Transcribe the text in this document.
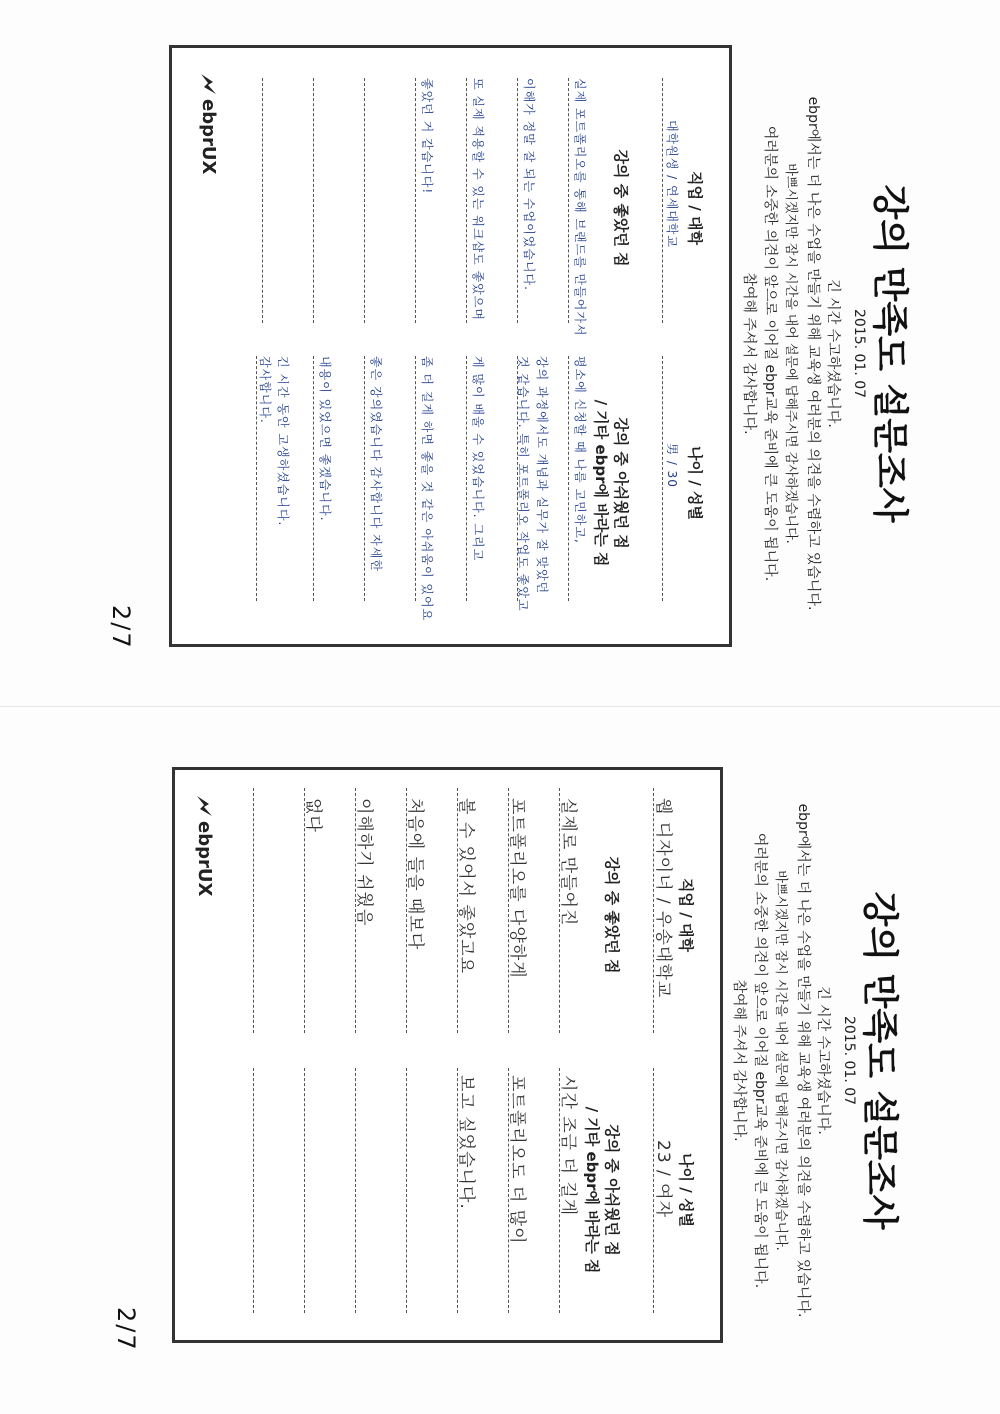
강의 만족도 설문조사
2015. 01. 07
긴 시간 수고하셨습니다.
ebpr에서는 더 나은 수업을 만들기 위해 교육생 여러분의 의견을 수렴하고 있습니다.
바쁘시겠지만 잠시 시간을 내어 설문에 답해주시면 감사하겠습니다.
여러분의 소중한 의견이 앞으로 이어질 ebpr교육 준비에 큰 도움이 됩니다.
참여해 주셔서 감사합니다.
직업 / 대학
나이 / 성별
대학원생 / 연세대학교
男 / 30
강의 중 좋았던 점
강의 중 아쉬웠던 점
/ 기타 ebpr에 바라는 점
실제 포트폴리오를 통해 브랜드를 만들어가서
이해가 정말 잘 되는 수업이었습니다.
또 실제 적용할 수 있는 워크샵도 좋았으며
좋았던 거 같습니다!
평소에 신청할 때 나름 고민하고,
강의 과정에서도 개념과 실무가 잘 맞았던
것 같습니다. 특히 포트폴리오 작업도 좋았고
게 많이 배울 수 있었습니다. 그리고
좀 더 길게 하면 좋을 것 같은 아쉬움이 있어요
좋은 강의였습니다 감사합니다 자세한
내용이 있었으면 좋겠습니다.
긴 시간 동안 고생하셨습니다.
감사합니다.
ebprUX
2/7
강의 만족도 설문조사
2015. 01. 07
긴 시간 수고하셨습니다.
ebpr에서는 더 나은 수업을 만들기 위해 교육생 여러분의 의견을 수렴하고 있습니다.
바쁘시겠지만 잠시 시간을 내어 설문에 답해주시면 감사하겠습니다.
여러분의 소중한 의견이 앞으로 이어질 ebpr교육 준비에 큰 도움이 됩니다.
참여해 주셔서 감사합니다.
직업 / 대학
나이 / 성별
웹 디자이너 / 우송대학교
23 / 여자
강의 중 좋았던 점
강의 중 아쉬웠던 점
/ 기타 ebpr에 바라는 점
실제로 만들어진
포트폴리오를 다양하게
볼 수 있어서 좋았고요
처음에 들을 때보다
이해하기 쉬웠음
없다
시간 조금 더 길게
포트폴리오도 더 많이
보고 싶었습니다.
ebprUX
2/7
